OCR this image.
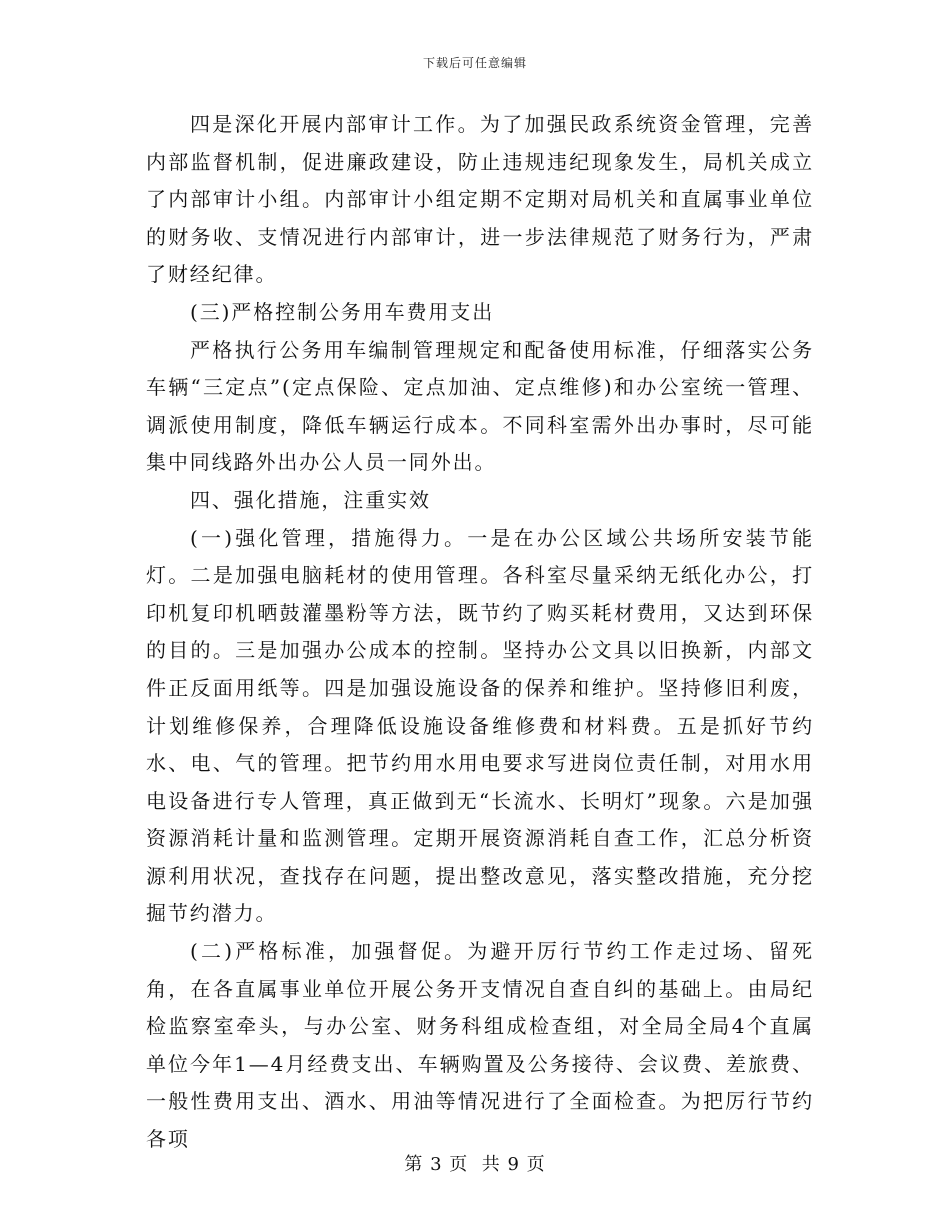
下载后可任意编辑

四是深化开展内部审计工作。为了加强民政系统资金管理，完善内部监督机制，促进廉政建设，防止违规违纪现象发生，局机关成立了内部审计小组。内部审计小组定期不定期对局机关和直属事业单位的财务收、支情况进行内部审计，进一步法律规范了财务行为，严肃了财经纪律。

(三)严格控制公务用车费用支出

严格执行公务用车编制管理规定和配备使用标准，仔细落实公务车辆“三定点”(定点保险、定点加油、定点维修)和办公室统一管理、调派使用制度，降低车辆运行成本。不同科室需外出办事时，尽可能集中同线路外出办公人员一同外出。

四、强化措施，注重实效

(一)强化管理，措施得力。一是在办公区域公共场所安装节能灯。二是加强电脑耗材的使用管理。各科室尽量采纳无纸化办公，打印机复印机晒鼓灌墨粉等方法，既节约了购买耗材费用，又达到环保的目的。三是加强办公成本的控制。坚持办公文具以旧换新，内部文件正反面用纸等。四是加强设施设备的保养和维护。坚持修旧利废，计划维修保养，合理降低设施设备维修费和材料费。五是抓好节约水、电、气的管理。把节约用水用电要求写进岗位责任制，对用水用电设备进行专人管理，真正做到无“长流水、长明灯”现象。六是加强资源消耗计量和监测管理。定期开展资源消耗自查工作，汇总分析资源利用状况，查找存在问题，提出整改意见，落实整改措施，充分挖掘节约潜力。

(二)严格标准，加强督促。为避开厉行节约工作走过场、留死角，在各直属事业单位开展公务开支情况自查自纠的基础上。由局纪检监察室牵头，与办公室、财务科组成检查组，对全局全局4个直属单位今年1—4月经费支出、车辆购置及公务接待、会议费、差旅费、一般性费用支出、酒水、用油等情况进行了全面检查。为把厉行节约各项

第 3 页  共 9 页
